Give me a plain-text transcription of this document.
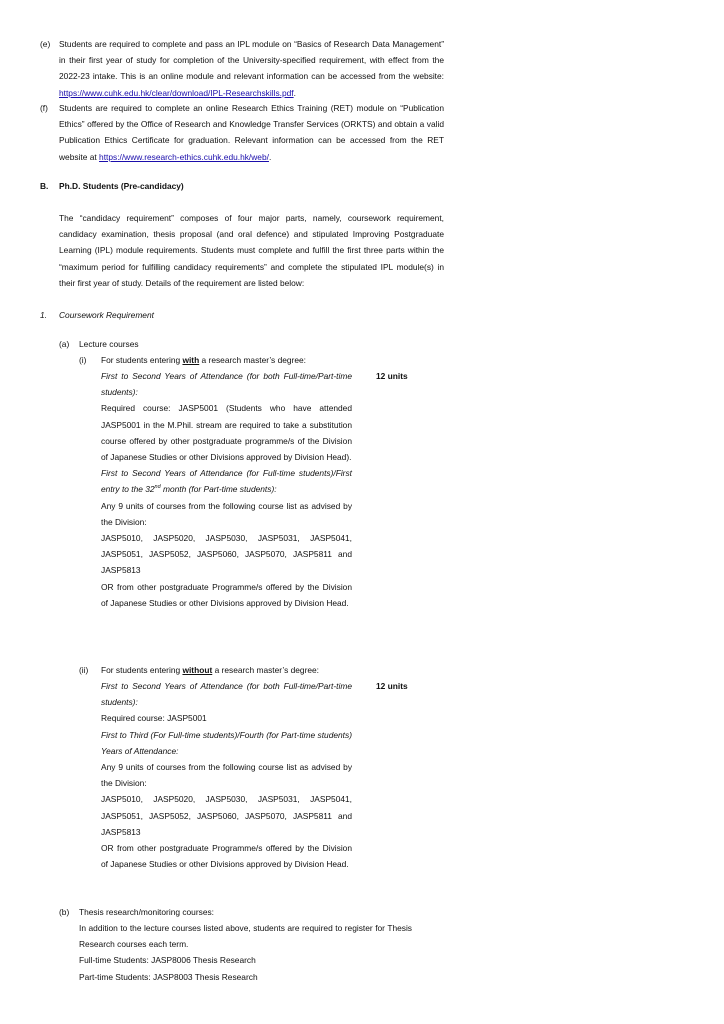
(e) Students are required to complete and pass an IPL module on “Basics of Research Data Management” in their first year of study for completion of the University-specified requirement, with effect from the 2022-23 intake. This is an online module and relevant information can be accessed from the website: https://www.cuhk.edu.hk/clear/download/IPL-Researchskills.pdf.
(f) Students are required to complete an online Research Ethics Training (RET) module on “Publication Ethics” offered by the Office of Research and Knowledge Transfer Services (ORKTS) and obtain a valid Publication Ethics Certificate for graduation. Relevant information can be accessed from the RET website at https://www.research-ethics.cuhk.edu.hk/web/.
B. Ph.D. Students (Pre-candidacy)
The “candidacy requirement” composes of four major parts, namely, coursework requirement, candidacy examination, thesis proposal (and oral defence) and stipulated Improving Postgraduate Learning (IPL) module requirements. Students must complete and fulfill the first three parts within the “maximum period for fulfilling candidacy requirements” and complete the stipulated IPL module(s) in their first year of study. Details of the requirement are listed below:
1. Coursework Requirement
(a) Lecture courses
(i) For students entering with a research master’s degree:
12 units
First to Second Years of Attendance (for both Full-time/Part-time students):
Required course: JASP5001 (Students who have attended JASP5001 in the M.Phil. stream are required to take a substitution course offered by other postgraduate programme/s of the Division of Japanese Studies or other Divisions approved by Division Head).
First to Second Years of Attendance (for Full-time students)/First entry to the 32nd month (for Part-time students):
Any 9 units of courses from the following course list as advised by the Division:
JASP5010, JASP5020, JASP5030, JASP5031, JASP5041, JASP5051, JASP5052, JASP5060, JASP5070, JASP5811 and JASP5813
OR from other postgraduate Programme/s offered by the Division of Japanese Studies or other Divisions approved by Division Head.
(ii) For students entering without a research master’s degree:
12 units
First to Second Years of Attendance (for both Full-time/Part-time students):
Required course: JASP5001
First to Third (For Full-time students)/Fourth (for Part-time students) Years of Attendance:
Any 9 units of courses from the following course list as advised by the Division:
JASP5010, JASP5020, JASP5030, JASP5031, JASP5041, JASP5051, JASP5052, JASP5060, JASP5070, JASP5811 and JASP5813
OR from other postgraduate Programme/s offered by the Division of Japanese Studies or other Divisions approved by Division Head.
(b) Thesis research/monitoring courses:
In addition to the lecture courses listed above, students are required to register for Thesis Research courses each term.
Full-time Students: JASP8006 Thesis Research
Part-time Students: JASP8003 Thesis Research
